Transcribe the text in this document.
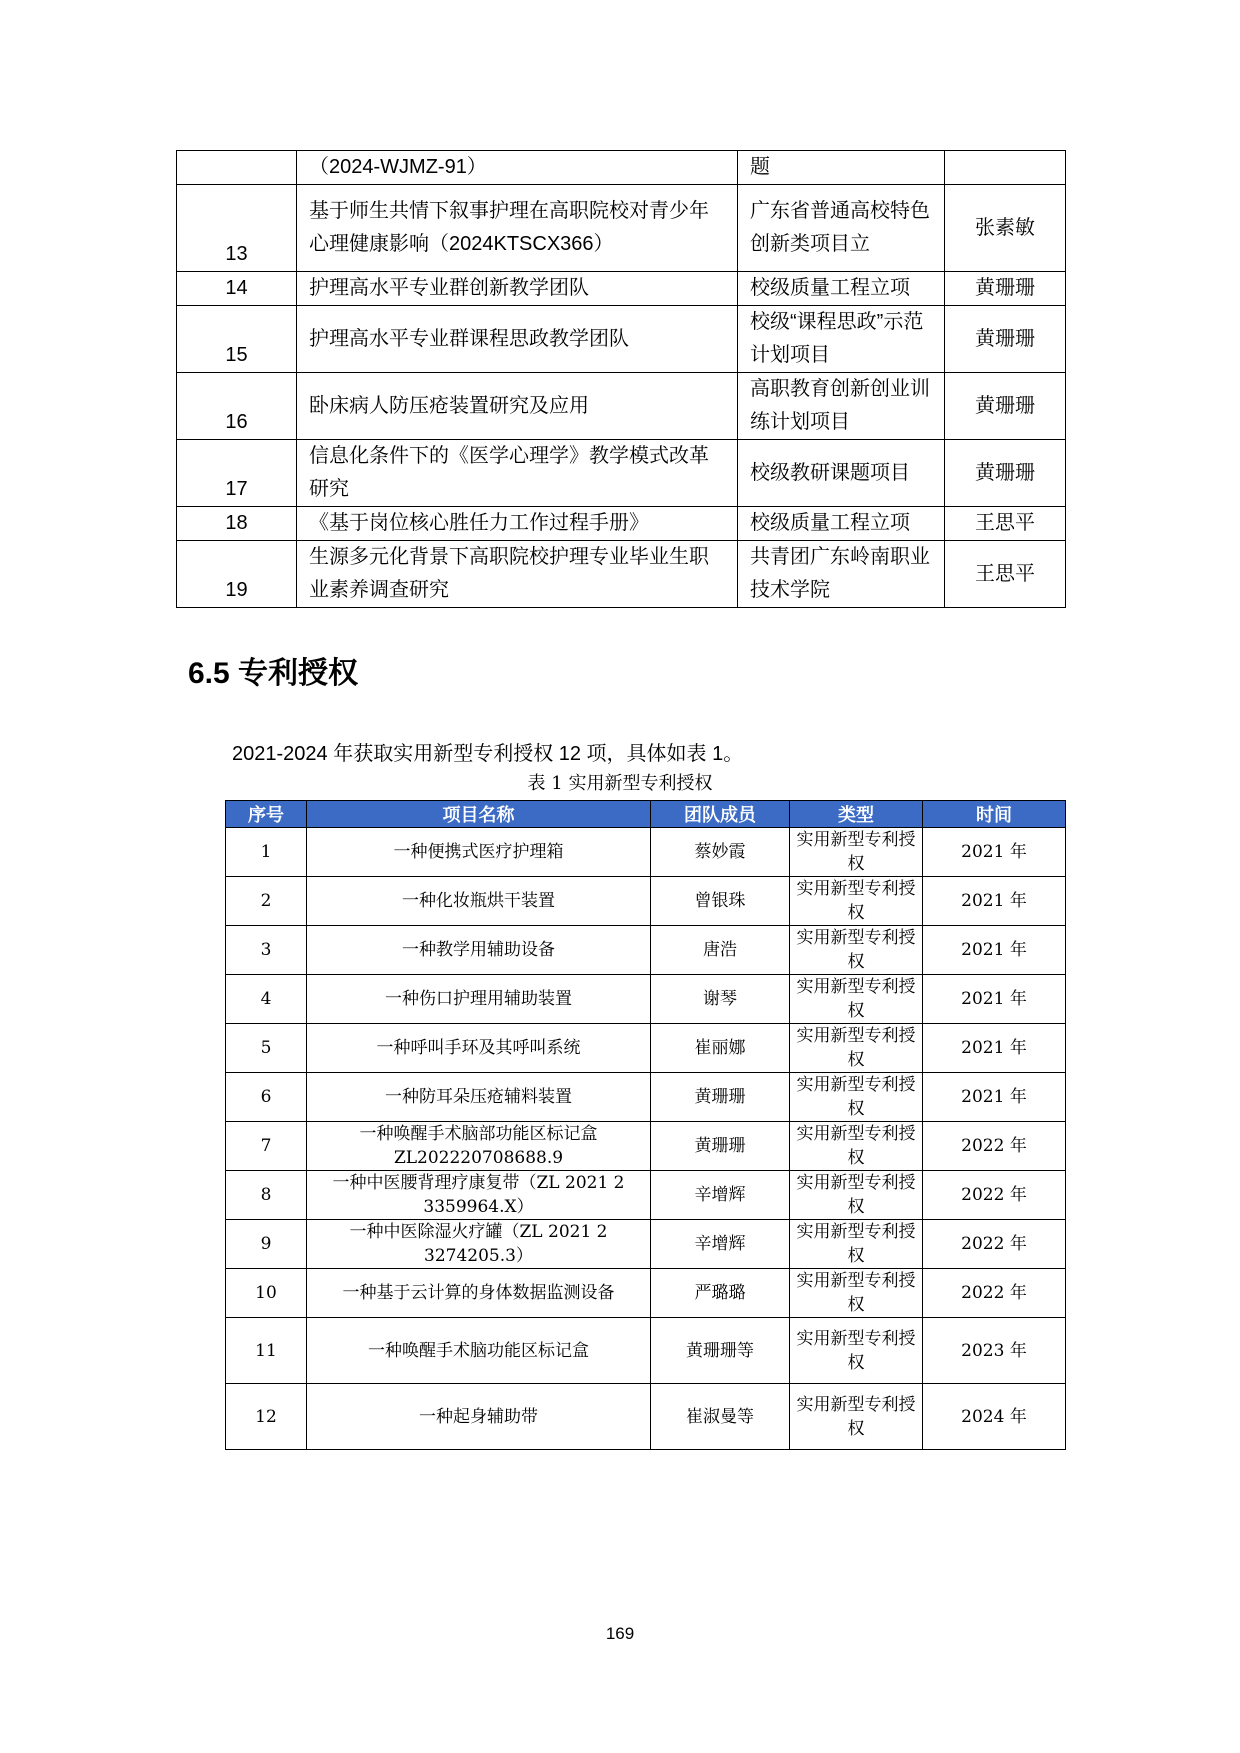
	（2024-WJMZ-91）	题	
13	基于师生共情下叙事护理在高职院校对青少年心理健康影响（2024KTSCX366）	广东省普通高校特色创新类项目立	张素敏
14	护理高水平专业群创新教学团队	校级质量工程立项	黄珊珊
15	护理高水平专业群课程思政教学团队	校级“课程思政”示范计划项目	黄珊珊
16	卧床病人防压疮装置研究及应用	高职教育创新创业训练计划项目	黄珊珊
17	信息化条件下的《医学心理学》教学模式改革研究	校级教研课题项目	黄珊珊
18	《基于岗位核心胜任力工作过程手册》	校级质量工程立项	王思平
19	生源多元化背景下高职院校护理专业毕业生职业素养调查研究	共青团广东岭南职业技术学院	王思平
6.5 专利授权

2021-2024 年获取实用新型专利授权 12 项，具体如表 1。

表 1 实用新型专利授权

序号	项目名称	团队成员	类型	时间
1	一种便携式医疗护理箱	蔡妙霞	实用新型专利授权	2021 年
2	一种化妆瓶烘干装置	曾银珠	实用新型专利授权	2021 年
3	一种教学用辅助设备	唐浩	实用新型专利授权	2021 年
4	一种伤口护理用辅助装置	谢琴	实用新型专利授权	2021 年
5	一种呼叫手环及其呼叫系统	崔丽娜	实用新型专利授权	2021 年
6	一种防耳朵压疮辅料装置	黄珊珊	实用新型专利授权	2021 年
7	一种唤醒手术脑部功能区标记盒 ZL202220708688.9	黄珊珊	实用新型专利授权	2022 年
8	一种中医腰背理疗康复带（ZL 2021 2 3359964.X）	辛增辉	实用新型专利授权	2022 年
9	一种中医除湿火疗罐（ZL 2021 2 3274205.3）	辛增辉	实用新型专利授权	2022 年
10	一种基于云计算的身体数据监测设备	严璐璐	实用新型专利授权	2022 年
11	一种唤醒手术脑功能区标记盒	黄珊珊等	实用新型专利授权	2023 年
12	一种起身辅助带	崔淑曼等	实用新型专利授权	2024 年

169
